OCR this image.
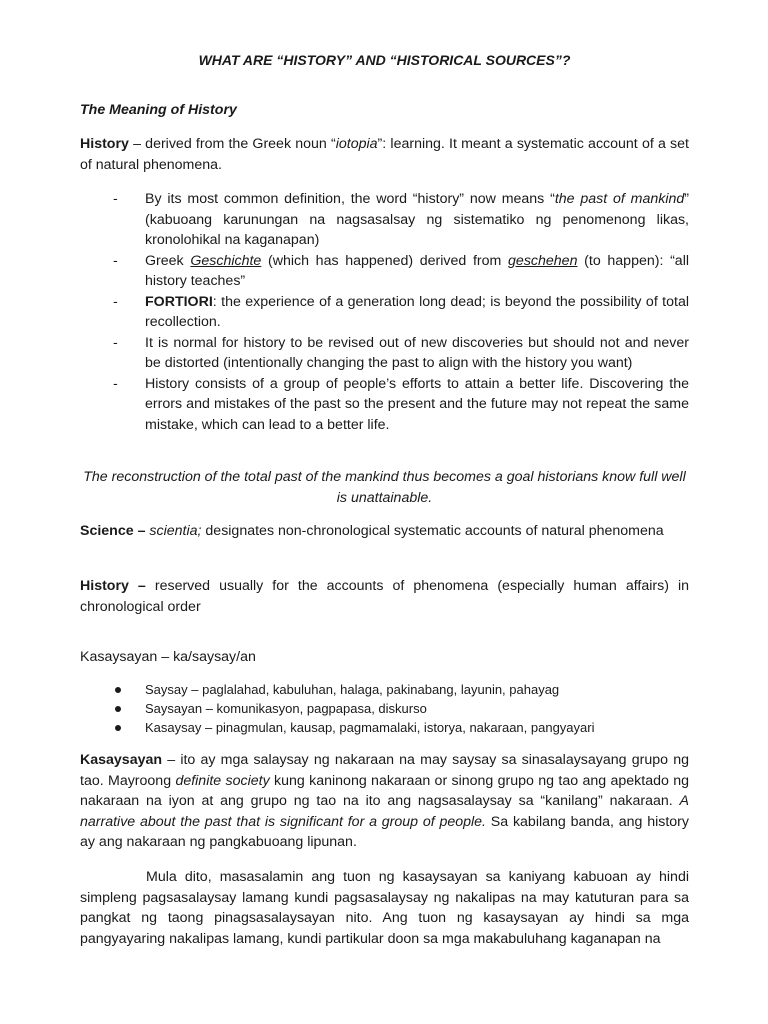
WHAT ARE “HISTORY” AND “HISTORICAL SOURCES”?
The Meaning of History
History – derived from the Greek noun “iotopia”: learning. It meant a systematic account of a set of natural phenomena.
- By its most common definition, the word “history” now means “the past of mankind” (kabuoang karunungan na nagsasalsay ng sistematiko ng penomenong likas, kronolohikal na kaganapan)
- Greek Geschichte (which has happened) derived from geschehen (to happen): “all history teaches”
- FORTIORI: the experience of a generation long dead; is beyond the possibility of total recollection.
- It is normal for history to be revised out of new discoveries but should not and never be distorted (intentionally changing the past to align with the history you want)
- History consists of a group of people’s efforts to attain a better life. Discovering the errors and mistakes of the past so the present and the future may not repeat the same mistake, which can lead to a better life.
The reconstruction of the total past of the mankind thus becomes a goal historians know full well is unattainable.
Science – scientia; designates non-chronological systematic accounts of natural phenomena
History – reserved usually for the accounts of phenomena (especially human affairs) in chronological order
Kasaysayan – ka/saysay/an
Saysay – paglalahad, kabuluhan, halaga, pakinabang, layunin, pahayag
Saysayan – komunikasyon, pagpapasa, diskurso
Kasaysay – pinagmulan, kausap, pagmamalaki, istorya, nakaraan, pangyayari
Kasaysayan – ito ay mga salaysay ng nakaraan na may saysay sa sinasalaysayang grupo ng tao. Mayroong definite society kung kaninong nakaraan or sinong grupo ng tao ang apektado ng nakaraan na iyon at ang grupo ng tao na ito ang nagsasalaysay sa “kanilang” nakaraan. A narrative about the past that is significant for a group of people. Sa kabilang banda, ang history ay ang nakaraan ng pangkabuoang lipunan.
Mula dito, masasalamin ang tuon ng kasaysayan sa kaniyang kabuoan ay hindi simpleng pagsasalaysay lamang kundi pagsasalaysay ng nakalipas na may katuturan para sa pangkat ng taong pinagsasalaysayan nito. Ang tuon ng kasaysayan ay hindi sa mga pangyayaring nakalipas lamang, kundi partikular doon sa mga makabuluhang kaganapan na
